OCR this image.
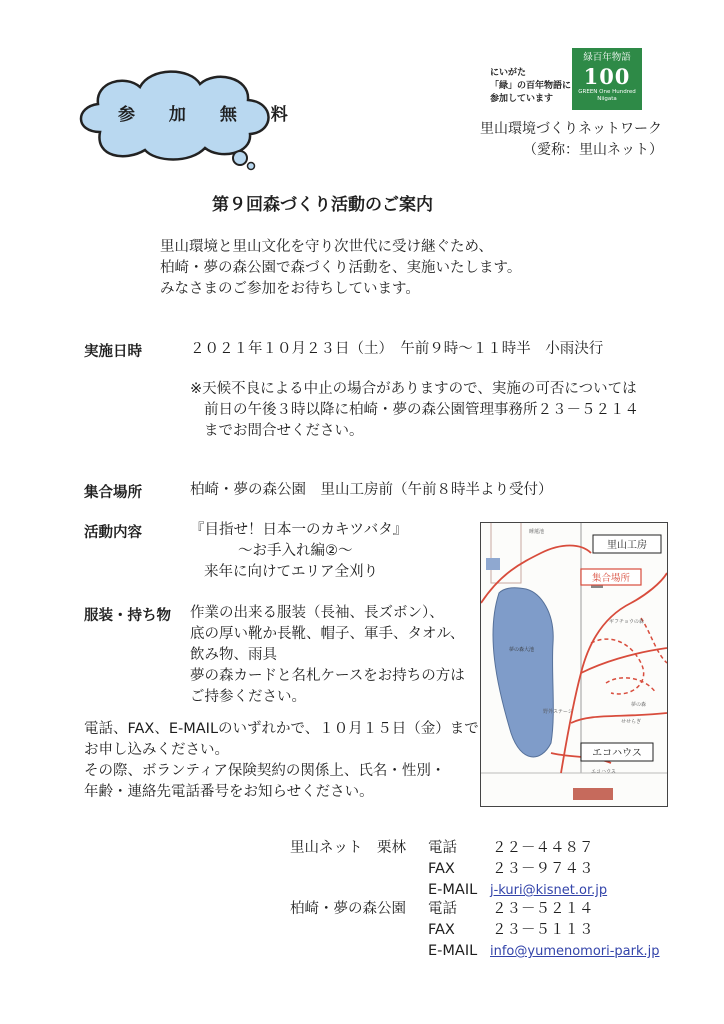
参 加 無 料
にいがた
「緑」の百年物語に
参加しています
緑百年物語
100
GREEN One Hundred
Niigata
里山環境づくりネットワーク
（愛称：里山ネット）
第９回森づくり活動のご案内
里山環境と里山文化を守り次世代に受け継ぐため、
柏崎・夢の森公園で森づくり活動を、実施いたします。
みなさまのご参加をお待ちしています。
実施日時	２０２１年１０月２３日（土）　午前９時～１１時半　小雨決行
※天候不良による中止の場合がありますので、実施の可否については
前日の午後３時以降に柏崎・夢の森公園管理事務所２３－５２１４
までお問合せください。
集合場所	柏崎・夢の森公園　里山工房前（午前８時半より受付）
活動内容	『目指せ！日本一のカキツバタ』
～お手入れ編②～
来年に向けてエリア全刈り
服装・持ち物 作業の出来る服装（長袖、長ズボン）、
底の厚い靴か長靴、帽子、軍手、タオル、
飲み物、雨具
夢の森カードと名札ケースをお持ちの方は
ご持参ください。
電話、FAX、E-MAILのいずれかで、１０月１５日（金）まで
お申し込みください。
その際、ボランティア保険契約の関係上、氏名・性別・
年齢・連絡先電話番号をお知らせください。
里山工房
集合場所
エコハウス
睡蓮池
ギフチョウの森
夢の森大池
野外ステージ
せせらぎ
夢の森
エコハウス
里山ネット　栗林 電話 ２２－４４８７
FAX	２３－９７４３
E-MAIL j-kuri@kisnet.or.jp
柏崎・夢の森公園 電話 ２３－５２１４
FAX	２３－５１１３
E-MAIL info@yumenomori-park.jp
